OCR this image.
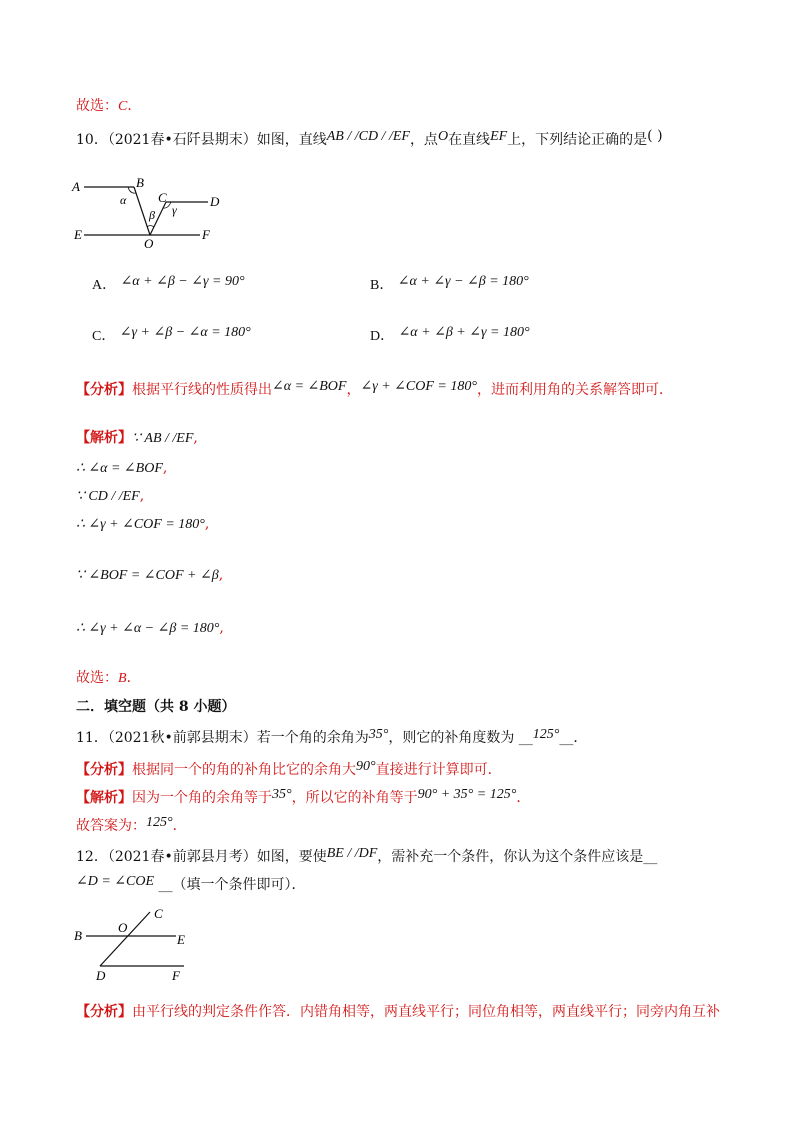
故选：C．
10．（2021春•石阡县期末）如图，直线AB / /CD / /EF，点O在直线EF上，下列结论正确的是( )
A	B
C	D
E	F
O
α
β γ
A． ∠α + ∠β − ∠γ = 90°	B． ∠α + ∠γ − ∠β = 180°
C． ∠γ + ∠β − ∠α = 180°	D． ∠α + ∠β + ∠γ = 180°
【分析】根据平行线的性质得出∠α = ∠BOF，∠γ + ∠COF = 180°，进而利用角的关系解答即可．
【解析】∵ AB / /EF,
∴ ∠α = ∠BOF,
∵ CD / /EF,
∴ ∠γ + ∠COF = 180°,
∵ ∠BOF = ∠COF + ∠β,
∴ ∠γ + ∠α − ∠β = 180°,
故选：B．
二．填空题（共 8 小题）
11．（2021秋•前郭县期末）若一个角的余角为35°，则它的补角度数为 __125°__．
【分析】根据同一个的角的补角比它的余角大90°直接进行计算即可．
【解析】因为一个角的余角等于35°，所以它的补角等于90° + 35° = 125°．
故答案为：125°．
12．（2021春•前郭县月考）如图，要使BE / /DF，需补充一个条件，你认为这个条件应该是__
∠D = ∠COE __（填一个条件即可）．
B
C
O
E
D	F
【分析】由平行线的判定条件作答．内错角相等，两直线平行；同位角相等，两直线平行；同旁内角互补
